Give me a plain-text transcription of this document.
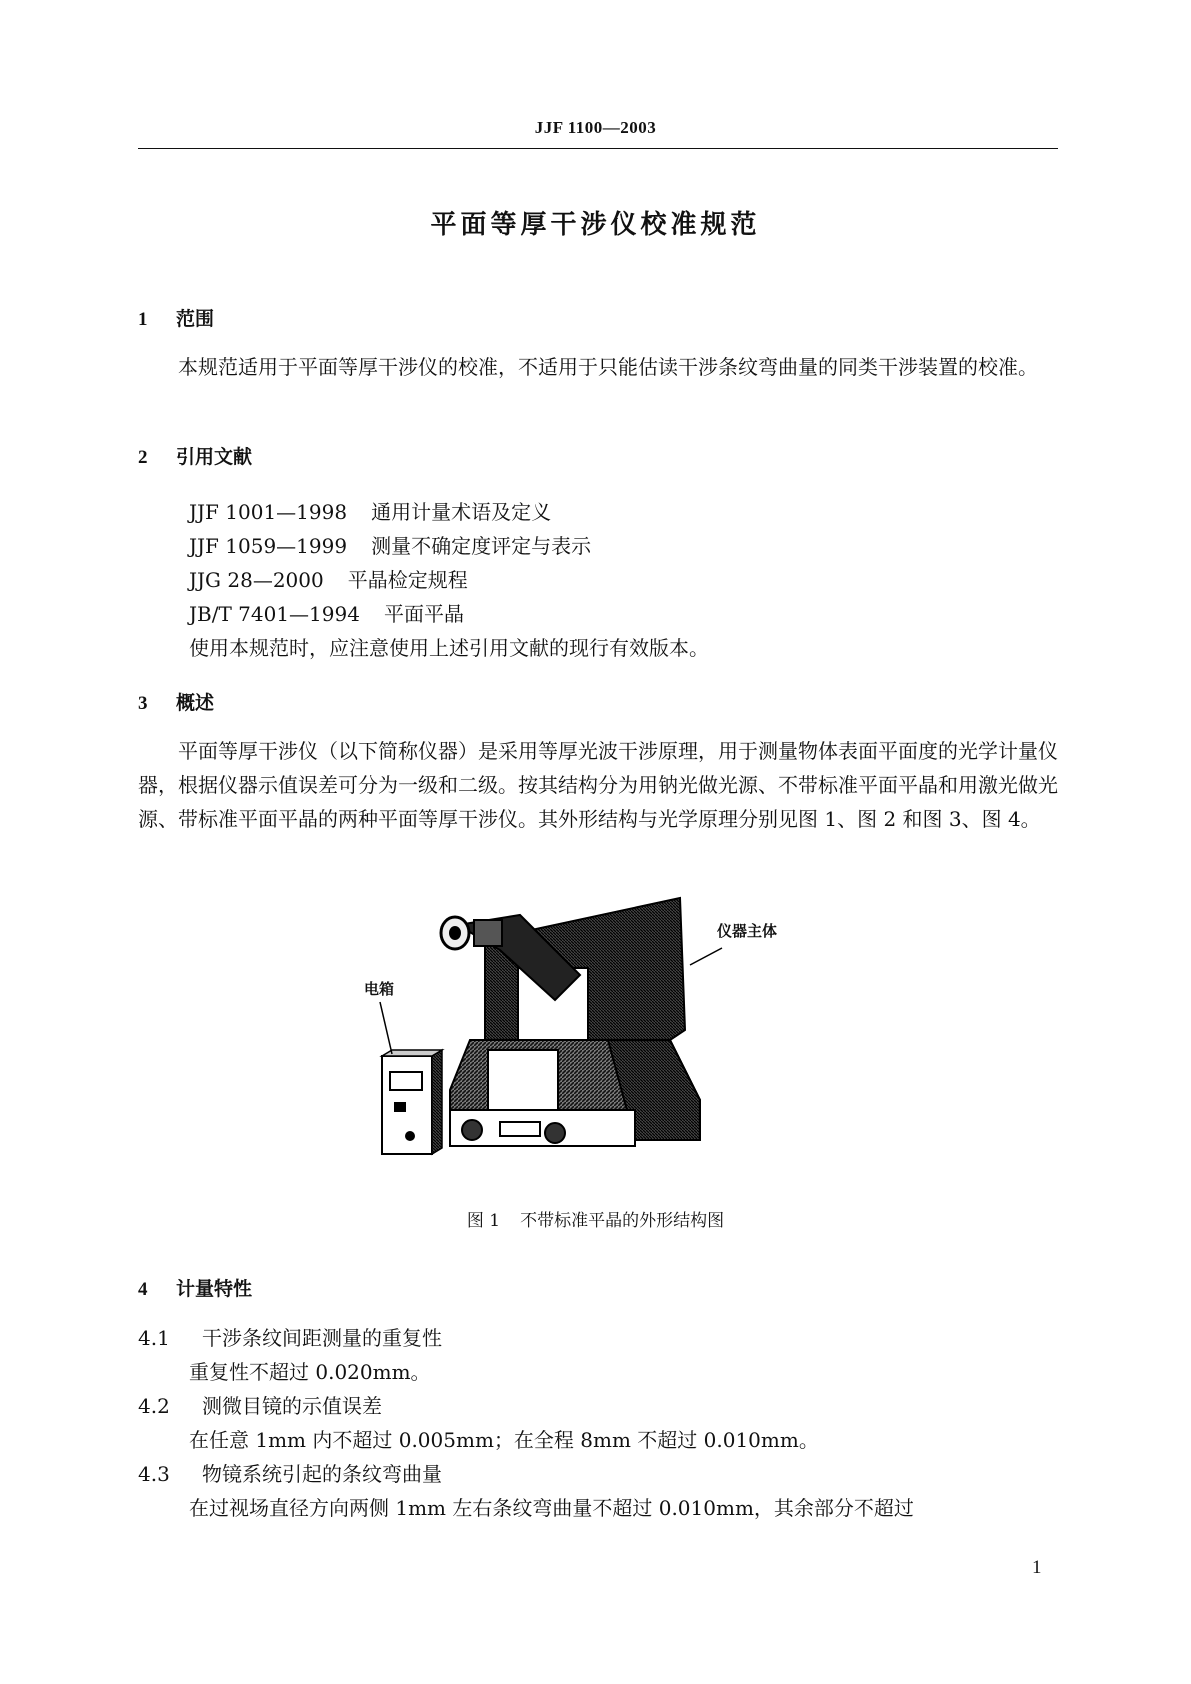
JJF 1100—2003
平面等厚干涉仪校准规范
1 范围

本规范适用于平面等厚干涉仪的校准，不适用于只能估读干涉条纹弯曲量的同类干涉装置的校准。

2 引用文献
JJF 1001—1998 通用计量术语及定义
JJF 1059—1999 测量不确定度评定与表示
JJG 28—2000 平晶检定规程
JB/T 7401—1994 平面平晶
使用本规范时，应注意使用上述引用文献的现行有效版本。
3 概述

平面等厚干涉仪（以下简称仪器）是采用等厚光波干涉原理，用于测量物体表面平面度的光学计量仪器，根据仪器示值误差可分为一级和二级。按其结构分为用钠光做光源、不带标准平面平晶和用激光做光源、带标准平面平晶的两种平面等厚干涉仪。其外形结构与光学原理分别见图 1、图 2 和图 3、图 4。

仪器主体
电箱
图 1 不带标准平晶的外形结构图
4 计量特性
4.1 干涉条纹间距测量的重复性
重复性不超过 0.020mm。
4.2 测微目镜的示值误差
在任意 1mm 内不超过 0.005mm；在全程 8mm 不超过 0.010mm。
4.3 物镜系统引起的条纹弯曲量
在过视场直径方向两侧 1mm 左右条纹弯曲量不超过 0.010mm，其余部分不超过
1
